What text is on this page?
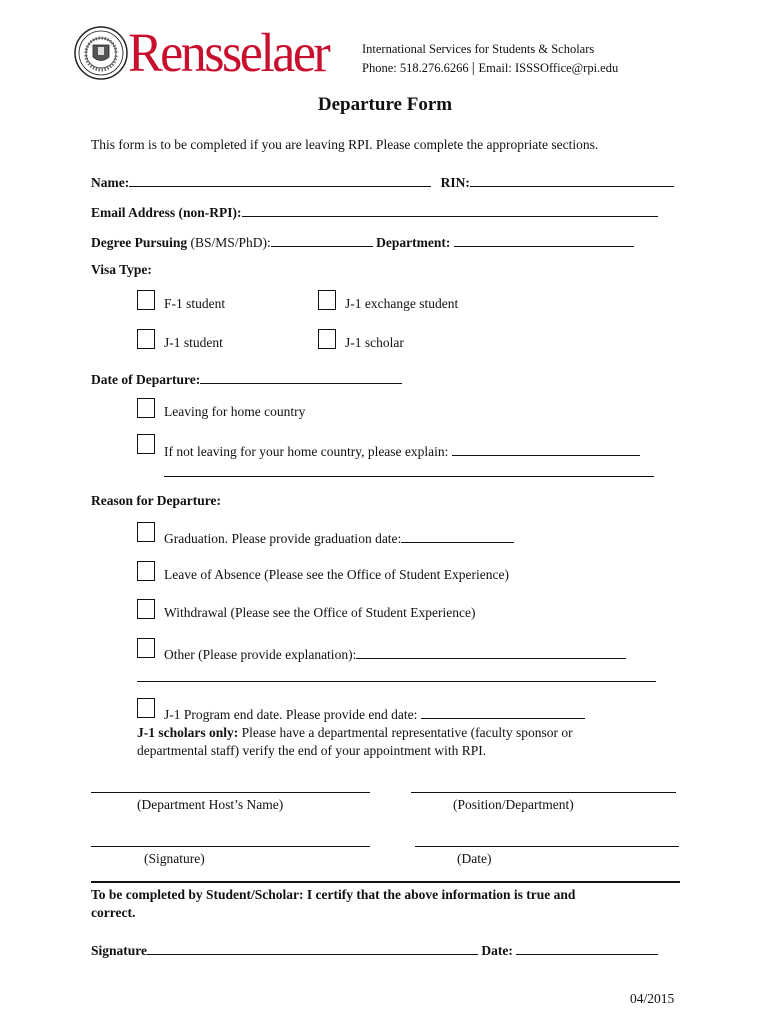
Rensselaer	International Services for Students & Scholars
Phone: 518.276.6266 | Email: ISSSOffice@rpi.edu
Departure Form
This form is to be completed if you are leaving RPI. Please complete the appropriate sections.
Name:	RIN:
Email Address (non-RPI):
Degree Pursuing (BS/MS/PhD):	Department:
Visa Type:
F-1 student	J-1 exchange student
J-1 student	J-1 scholar
Date of Departure:
Leaving for home country
If not leaving for your home country, please explain:
Reason for Departure:
Graduation. Please provide graduation date:
Leave of Absence (Please see the Office of Student Experience)
Withdrawal (Please see the Office of Student Experience)
Other (Please provide explanation):
J-1 Program end date. Please provide end date:
J-1 scholars only: Please have a departmental representative (faculty sponsor or
departmental staff) verify the end of your appointment with RPI.
(Department Host’s Name)	(Position/Department)
(Signature)	(Date)
To be completed by Student/Scholar: I certify that the above information is true and
correct.
Signature	Date:
04/2015
